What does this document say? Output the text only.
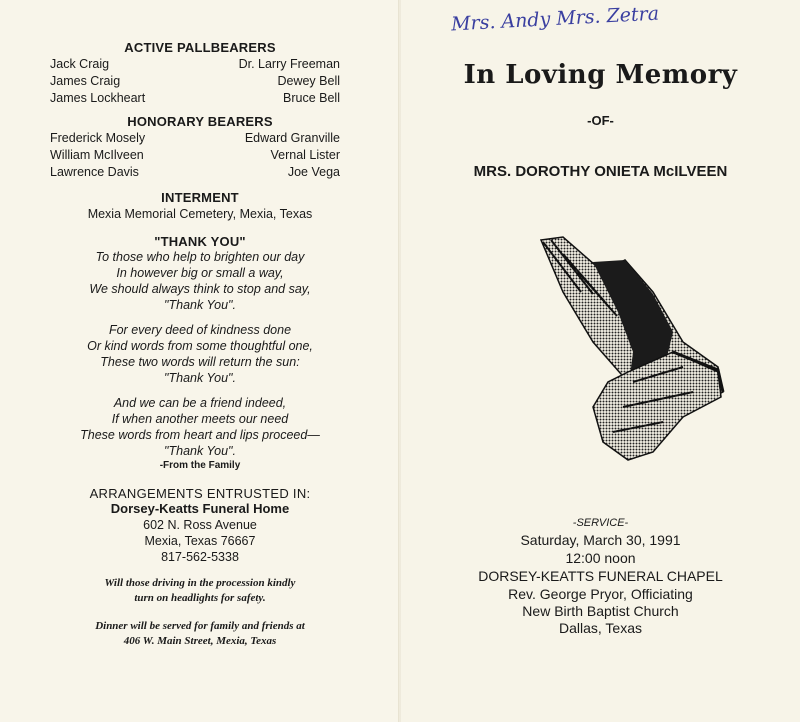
ACTIVE PALLBEARERS
Jack Craig
James Craig
James Lockheart
Dr. Larry Freeman
Dewey Bell
Bruce Bell
HONORARY BEARERS
Frederick Mosely
William McIlveen
Lawrence Davis
Edward Granville
Vernal Lister
Joe Vega
INTERMENT
Mexia Memorial Cemetery, Mexia, Texas
"THANK YOU"
To those who help to brighten our day
In however big or small a way,
We should always think to stop and say,
"Thank You".
For every deed of kindness done
Or kind words from some thoughtful one,
These two words will return the sun:
"Thank You".
And we can be a friend indeed,
If when another meets our need
These words from heart and lips proceed—
"Thank You".
-From the Family
ARRANGEMENTS ENTRUSTED IN:
Dorsey-Keatts Funeral Home
602 N. Ross Avenue
Mexia, Texas 76667
817-562-5338
Will those driving in the procession kindly
turn on headlights for safety.
Dinner will be served for family and friends at
406 W. Main Street, Mexia, Texas
Mrs. Andy Mrs. Zetra
In Loving Memory
-OF-
MRS. DOROTHY ONIETA McILVEEN
-SERVICE-
Saturday, March 30, 1991
12:00 noon
DORSEY-KEATTS FUNERAL CHAPEL
Rev. George Pryor, Officiating
New Birth Baptist Church
Dallas, Texas
